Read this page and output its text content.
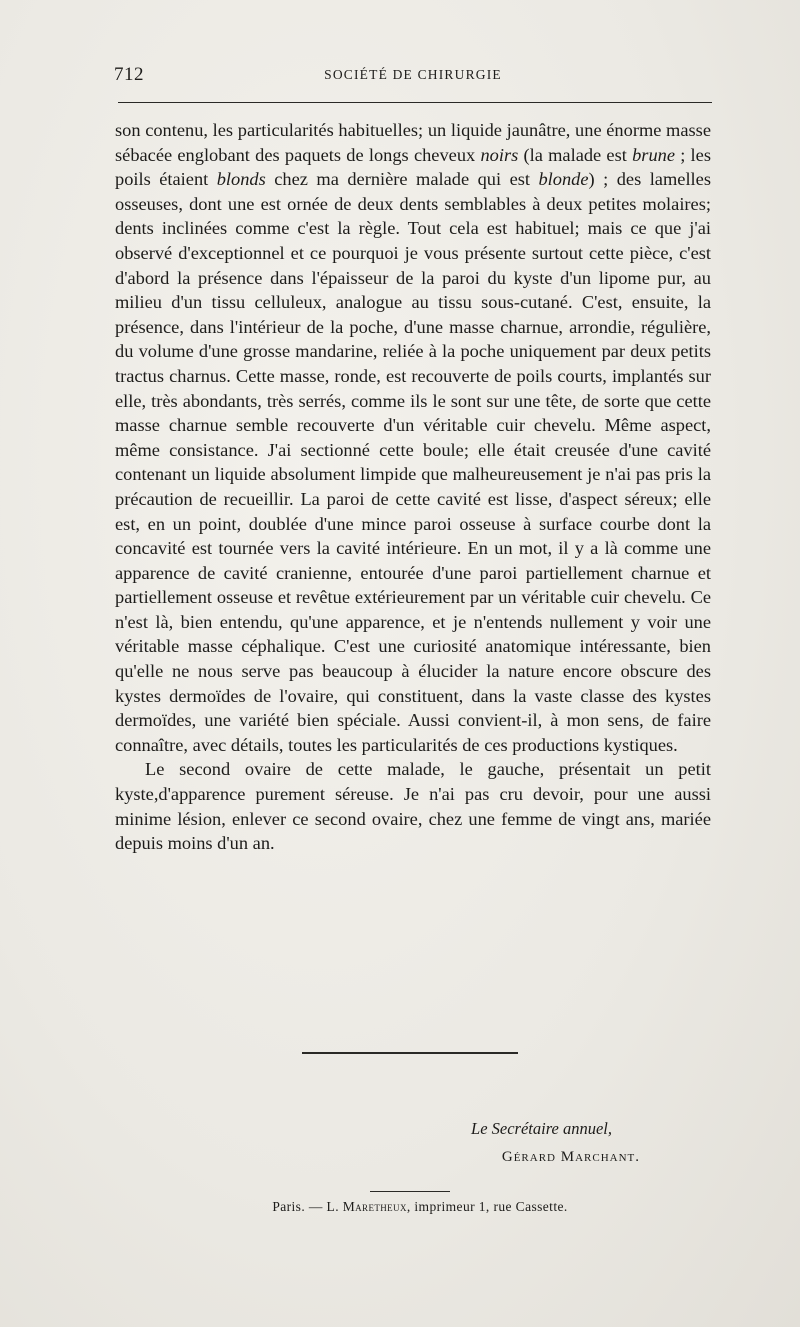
712	SOCIÉTÉ DE CHIRURGIE

son contenu, les particularités habituelles; un liquide jaunâtre, une énorme masse sébacée englobant des paquets de longs cheveux noirs (la malade est brune ; les poils étaient blonds chez ma dernière malade qui est blonde) ; des lamelles osseuses, dont une est ornée de deux dents semblables à deux petites molaires; dents inclinées comme c'est la règle. Tout cela est habituel; mais ce que j'ai observé d'exceptionnel et ce pourquoi je vous présente surtout cette pièce, c'est d'abord la présence dans l'épaisseur de la paroi du kyste d'un lipome pur, au milieu d'un tissu celluleux, analogue au tissu sous-cutané. C'est, ensuite, la présence, dans l'intérieur de la poche, d'une masse charnue, arrondie, régulière, du volume d'une grosse mandarine, reliée à la poche uniquement par deux petits tractus charnus. Cette masse, ronde, est recouverte de poils courts, implantés sur elle, très abondants, très serrés, comme ils le sont sur une tête, de sorte que cette masse charnue semble recouverte d'un véritable cuir chevelu. Même aspect, même consistance. J'ai sectionné cette boule; elle était creusée d'une cavité contenant un liquide absolument limpide que malheureusement je n'ai pas pris la précaution de recueillir. La paroi de cette cavité est lisse, d'aspect séreux; elle est, en un point, doublée d'une mince paroi osseuse à surface courbe dont la concavité est tournée vers la cavité intérieure. En un mot, il y a là comme une apparence de cavité cranienne, entourée d'une paroi partiellement charnue et partiellement osseuse et revêtue extérieurement par un véritable cuir chevelu. Ce n'est là, bien entendu, qu'une apparence, et je n'entends nullement y voir une véritable masse céphalique. C'est une curiosité anatomique intéressante, bien qu'elle ne nous serve pas beaucoup à élucider la nature encore obscure des kystes dermoïdes de l'ovaire, qui constituent, dans la vaste classe des kystes dermoïdes, une variété bien spéciale. Aussi convient-il, à mon sens, de faire connaître, avec détails, toutes les particularités de ces productions kystiques.

Le second ovaire de cette malade, le gauche, présentait un petit kyste,d'apparence purement séreuse. Je n'ai pas cru devoir, pour une aussi minime lésion, enlever ce second ovaire, chez une femme de vingt ans, mariée depuis moins d'un an.

Le Secrétaire annuel,
Gérard Marchant.
Paris. — L. Maretheux, imprimeur 1, rue Cassette.
